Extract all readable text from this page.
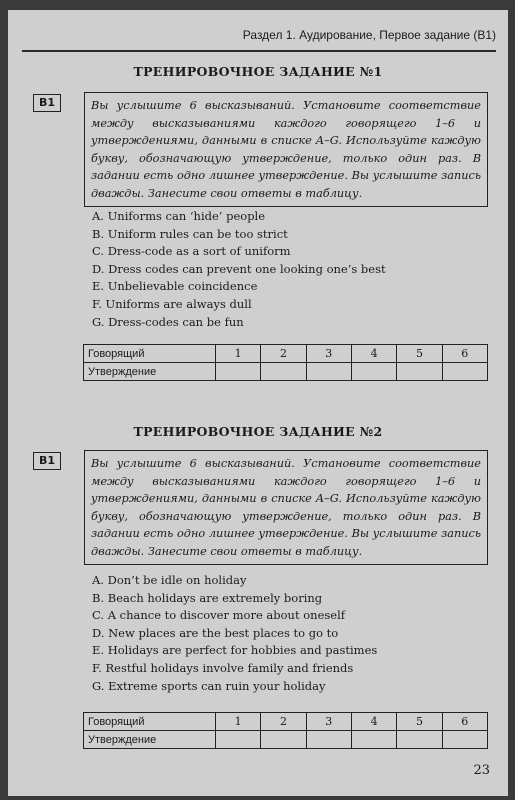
Раздел 1. Аудирование, Первое задание (В1)
ТРЕНИРОВОЧНОЕ ЗАДАНИЕ №1
B1	Вы услышите 6 высказываний. Установите соответствие между высказываниями каждого говорящего 1–6 и утверждениями, данными в списке A–G. Используйте каждую букву, обозначающую утверждение, только один раз. В задании есть одно лишнее утверждение. Вы услышите запись дважды. Занесите свои ответы в таблицу.
A. Uniforms can ‘hide’ people
B. Uniform rules can be too strict
C. Dress-code as a sort of uniform
D. Dress codes can prevent one looking one’s best
E. Unbelievable coincidence
F. Uniforms are always dull
G. Dress-codes can be fun
Говорящий	1	2	3	4	5	6
Утверждение						
ТРЕНИРОВОЧНОЕ ЗАДАНИЕ №2
B1	Вы услышите 6 высказываний. Установите соответствие между высказываниями каждого говорящего 1–6 и утверждениями, данными в списке A–G. Используйте каждую букву, обозначающую утверждение, только один раз. В задании есть одно лишнее утверждение. Вы услышите запись дважды. Занесите свои ответы в таблицу.
A. Don’t be idle on holiday
B. Beach holidays are extremely boring
C. A chance to discover more about oneself
D. New places are the best places to go to
E. Holidays are perfect for hobbies and pastimes
F. Restful holidays involve family and friends
G. Extreme sports can ruin your holiday
Говорящий	1	2	3	4	5	6
Утверждение						
23
